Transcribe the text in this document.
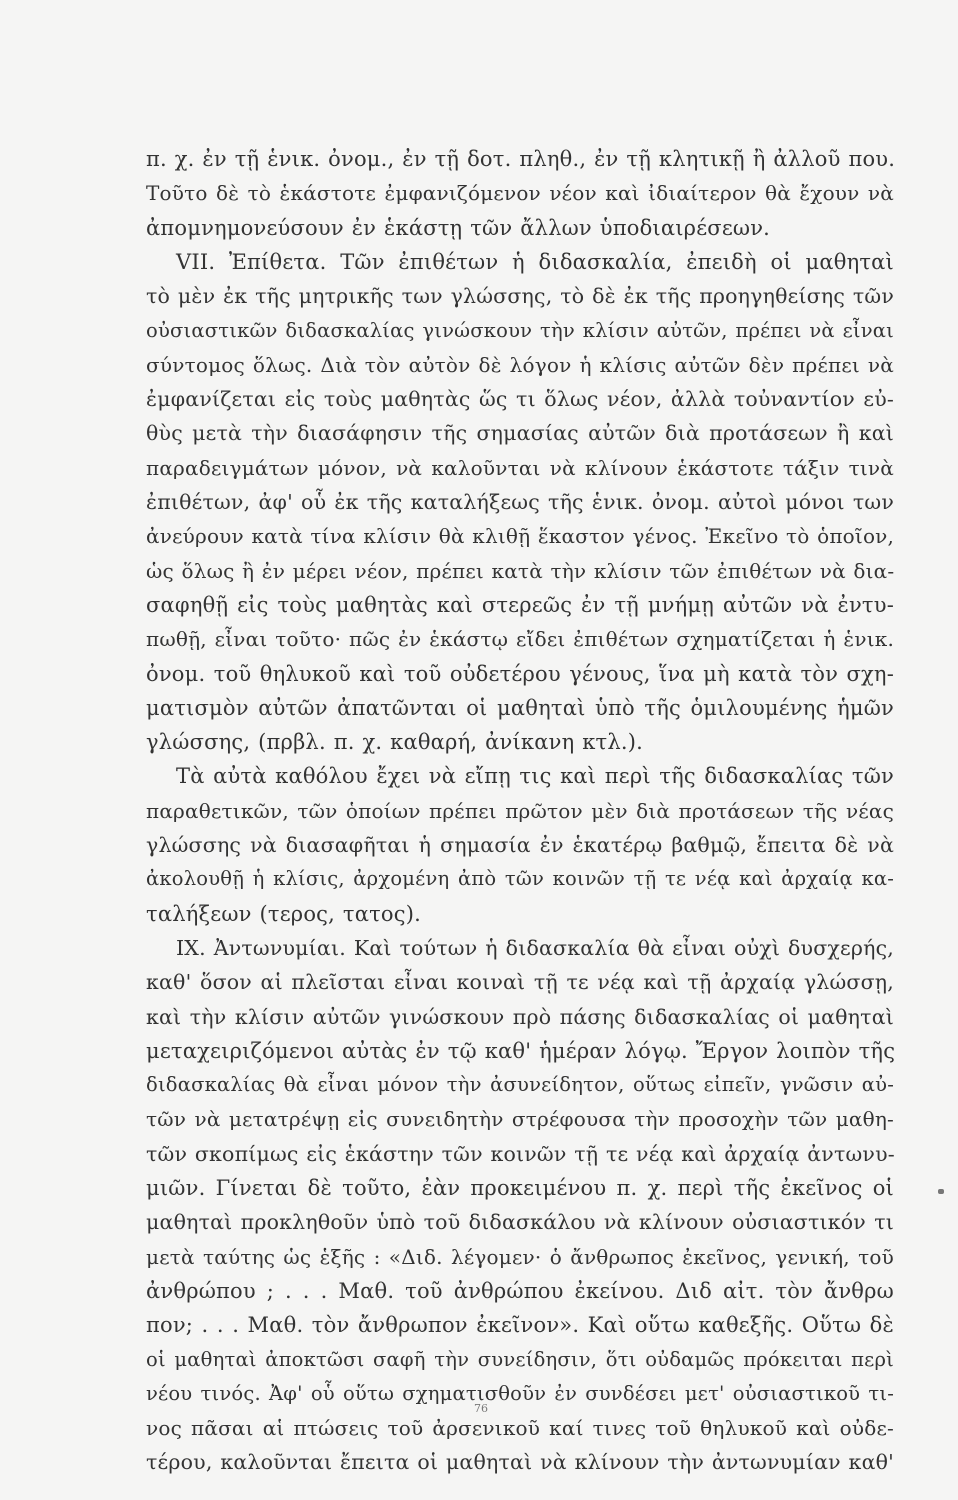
π. χ. ἐν τῇ ἑνικ. ὀνομ., ἐν τῇ δοτ. πληθ., ἐν τῇ κλητικῇ ἢ ἀλλοῦ που.
Τοῦτο δὲ τὸ ἑκάστοτε ἐμφανιζόμενον νέον καὶ ἰδιαίτερον θὰ ἔχουν νὰ
ἀπομνημονεύσουν ἐν ἑκάστῃ τῶν ἄλλων ὑποδιαιρέσεων.
VII. Ἐπίθετα. Τῶν ἐπιθέτων ἡ διδασκαλία, ἐπειδὴ οἱ μαθηταὶ
τὸ μὲν ἐκ τῆς μητρικῆς των γλώσσης, τὸ δὲ ἐκ τῆς προηγηθείσης τῶν
οὐσιαστικῶν διδασκαλίας γινώσκουν τὴν κλίσιν αὐτῶν, πρέπει νὰ εἶναι
σύντομος ὅλως. Διὰ τὸν αὐτὸν δὲ λόγον ἡ κλίσις αὐτῶν δὲν πρέπει νὰ
ἐμφανίζεται εἰς τοὺς μαθητὰς ὥς τι ὅλως νέον, ἀλλὰ τοὐναντίον εὐ-
θὺς μετὰ τὴν διασάφησιν τῆς σημασίας αὐτῶν διὰ προτάσεων ἢ καὶ
παραδειγμάτων μόνον, νὰ καλοῦνται νὰ κλίνουν ἑκάστοτε τάξιν τινὰ
ἐπιθέτων, ἀφ' οὗ ἐκ τῆς καταλήξεως τῆς ἑνικ. ὀνομ. αὐτοὶ μόνοι των
ἀνεύρουν κατὰ τίνα κλίσιν θὰ κλιθῇ ἕκαστον γένος. Ἐκεῖνο τὸ ὁποῖον,
ὡς ὅλως ἢ ἐν μέρει νέον, πρέπει κατὰ τὴν κλίσιν τῶν ἐπιθέτων νὰ δια-
σαφηθῇ εἰς τοὺς μαθητὰς καὶ στερεῶς ἐν τῇ μνήμῃ αὐτῶν νὰ ἐντυ-
πωθῇ, εἶναι τοῦτο· πῶς ἐν ἑκάστῳ εἴδει ἐπιθέτων σχηματίζεται ἡ ἑνικ.
ὀνομ. τοῦ θηλυκοῦ καὶ τοῦ οὐδετέρου γένους, ἵνα μὴ κατὰ τὸν σχη-
ματισμὸν αὐτῶν ἀπατῶνται οἱ μαθηταὶ ὑπὸ τῆς ὁμιλουμένης ἡμῶν
γλώσσης, (πρβλ. π. χ. καθαρή, ἀνίκανη κτλ.).
Τὰ αὐτὰ καθόλου ἔχει νὰ εἴπῃ τις καὶ περὶ τῆς διδασκαλίας τῶν
παραθετικῶν, τῶν ὁποίων πρέπει πρῶτον μὲν διὰ προτάσεων τῆς νέας
γλώσσης νὰ διασαφῆται ἡ σημασία ἐν ἑκατέρῳ βαθμῷ, ἔπειτα δὲ νὰ
ἀκολουθῇ ἡ κλίσις, ἀρχομένη ἀπὸ τῶν κοινῶν τῇ τε νέᾳ καὶ ἀρχαίᾳ κα-
ταλήξεων (τερος, τατος).
IX. Ἀντωνυμίαι. Καὶ τούτων ἡ διδασκαλία θὰ εἶναι οὐχὶ δυσχερής,
καθ' ὅσον αἱ πλεῖσται εἶναι κοιναὶ τῇ τε νέᾳ καὶ τῇ ἀρχαίᾳ γλώσσῃ,
καὶ τὴν κλίσιν αὐτῶν γινώσκουν πρὸ πάσης διδασκαλίας οἱ μαθηταὶ
μεταχειριζόμενοι αὐτὰς ἐν τῷ καθ' ἡμέραν λόγῳ. Ἔργον λοιπὸν τῆς
διδασκαλίας θὰ εἶναι μόνον τὴν ἀσυνείδητον, οὕτως εἰπεῖν, γνῶσιν αὐ-
τῶν νὰ μετατρέψῃ εἰς συνειδητὴν στρέφουσα τὴν προσοχὴν τῶν μαθη-
τῶν σκοπίμως εἰς ἑκάστην τῶν κοινῶν τῇ τε νέᾳ καὶ ἀρχαίᾳ ἀντωνυ-
μιῶν. Γίνεται δὲ τοῦτο, ἐὰν προκειμένου π. χ. περὶ τῆς ἐκεῖνος οἱ
μαθηταὶ προκληθοῦν ὑπὸ τοῦ διδασκάλου νὰ κλίνουν οὐσιαστικόν τι
μετὰ ταύτης ὡς ἑξῆς : «Διδ. λέγομεν· ὁ ἄνθρωπος ἐκεῖνος, γενική, τοῦ
ἀνθρώπου ; . . . Μαθ. τοῦ ἀνθρώπου ἐκείνου. Διδ αἰτ. τὸν ἄνθρω
πον; . . . Μαθ. τὸν ἄνθρωπον ἐκεῖνον». Καὶ οὕτω καθεξῆς. Οὕτω δὲ
οἱ μαθηταὶ ἀποκτῶσι σαφῆ τὴν συνείδησιν, ὅτι οὐδαμῶς πρόκειται περὶ
νέου τινός. Ἀφ' οὗ οὕτω σχηματισθοῦν ἐν συνδέσει μετ' οὐσιαστικοῦ τι-
νος πᾶσαι αἱ πτώσεις τοῦ ἀρσενικοῦ καί τινες τοῦ θηλυκοῦ καὶ οὐδε-
τέρου, καλοῦνται ἔπειτα οἱ μαθηταὶ νὰ κλίνουν τὴν ἀντωνυμίαν καθ'
76
